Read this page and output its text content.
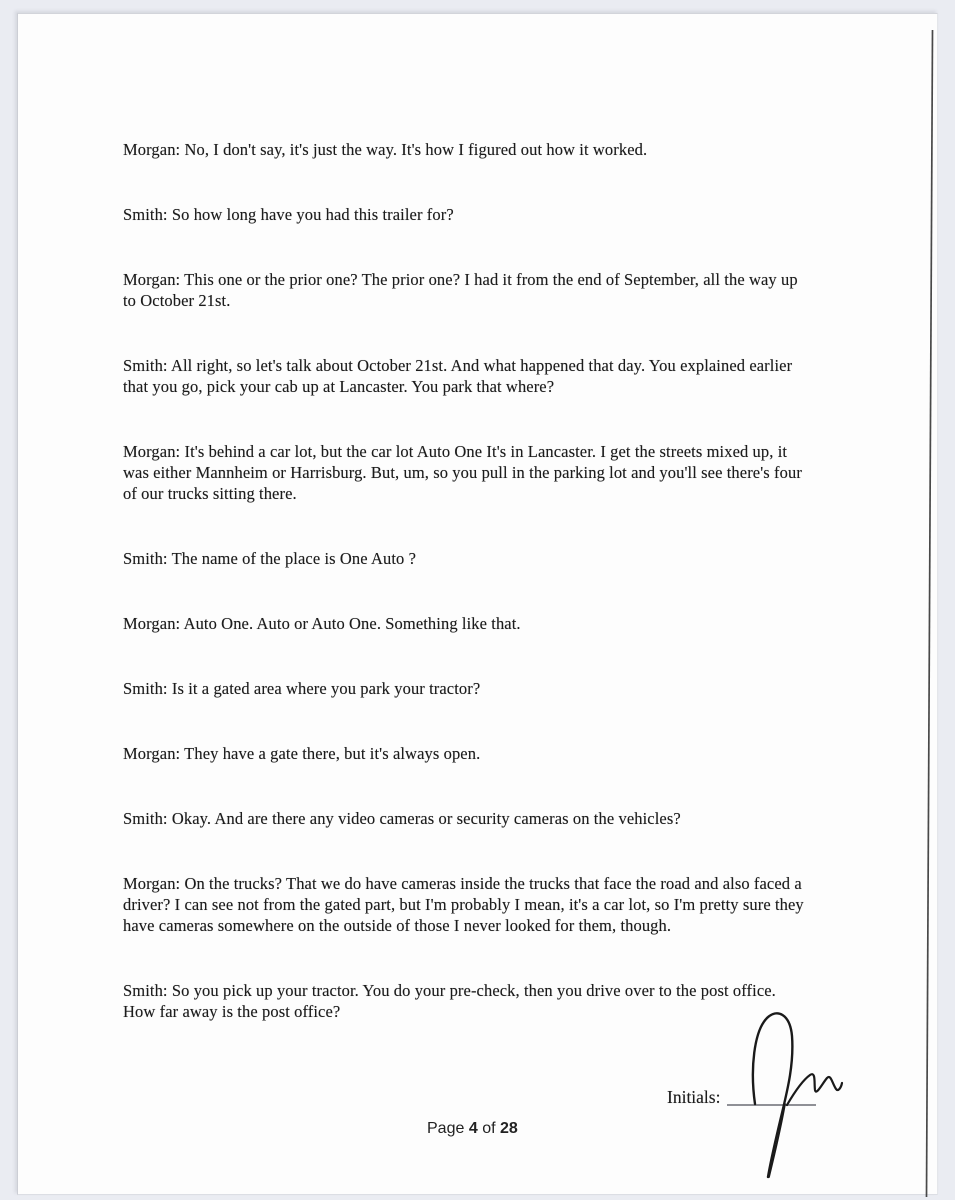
Morgan: No, I don't say, it's just the way. It's how I figured out how it worked.

Smith: So how long have you had this trailer for?

Morgan: This one or the prior one? The prior one? I had it from the end of September, all the way up to October 21st.

Smith: All right, so let's talk about October 21st. And what happened that day. You explained earlier that you go, pick your cab up at Lancaster. You park that where?

Morgan: It's behind a car lot, but the car lot Auto One It's in Lancaster. I get the streets mixed up, it was either Mannheim or Harrisburg. But, um, so you pull in the parking lot and you'll see there's four of our trucks sitting there.

Smith: The name of the place is One Auto ?

Morgan: Auto One. Auto or Auto One. Something like that.

Smith: Is it a gated area where you park your tractor?

Morgan: They have a gate there, but it's always open.

Smith: Okay. And are there any video cameras or security cameras on the vehicles?

Morgan: On the trucks? That we do have cameras inside the trucks that face the road and also faced a driver? I can see not from the gated part, but I'm probably I mean, it's a car lot, so I'm pretty sure they have cameras somewhere on the outside of those I never looked for them, though.

Smith: So you pick up your tractor. You do your pre-check, then you drive over to the post office. How far away is the post office?

Initials:
Page 4 of 28
